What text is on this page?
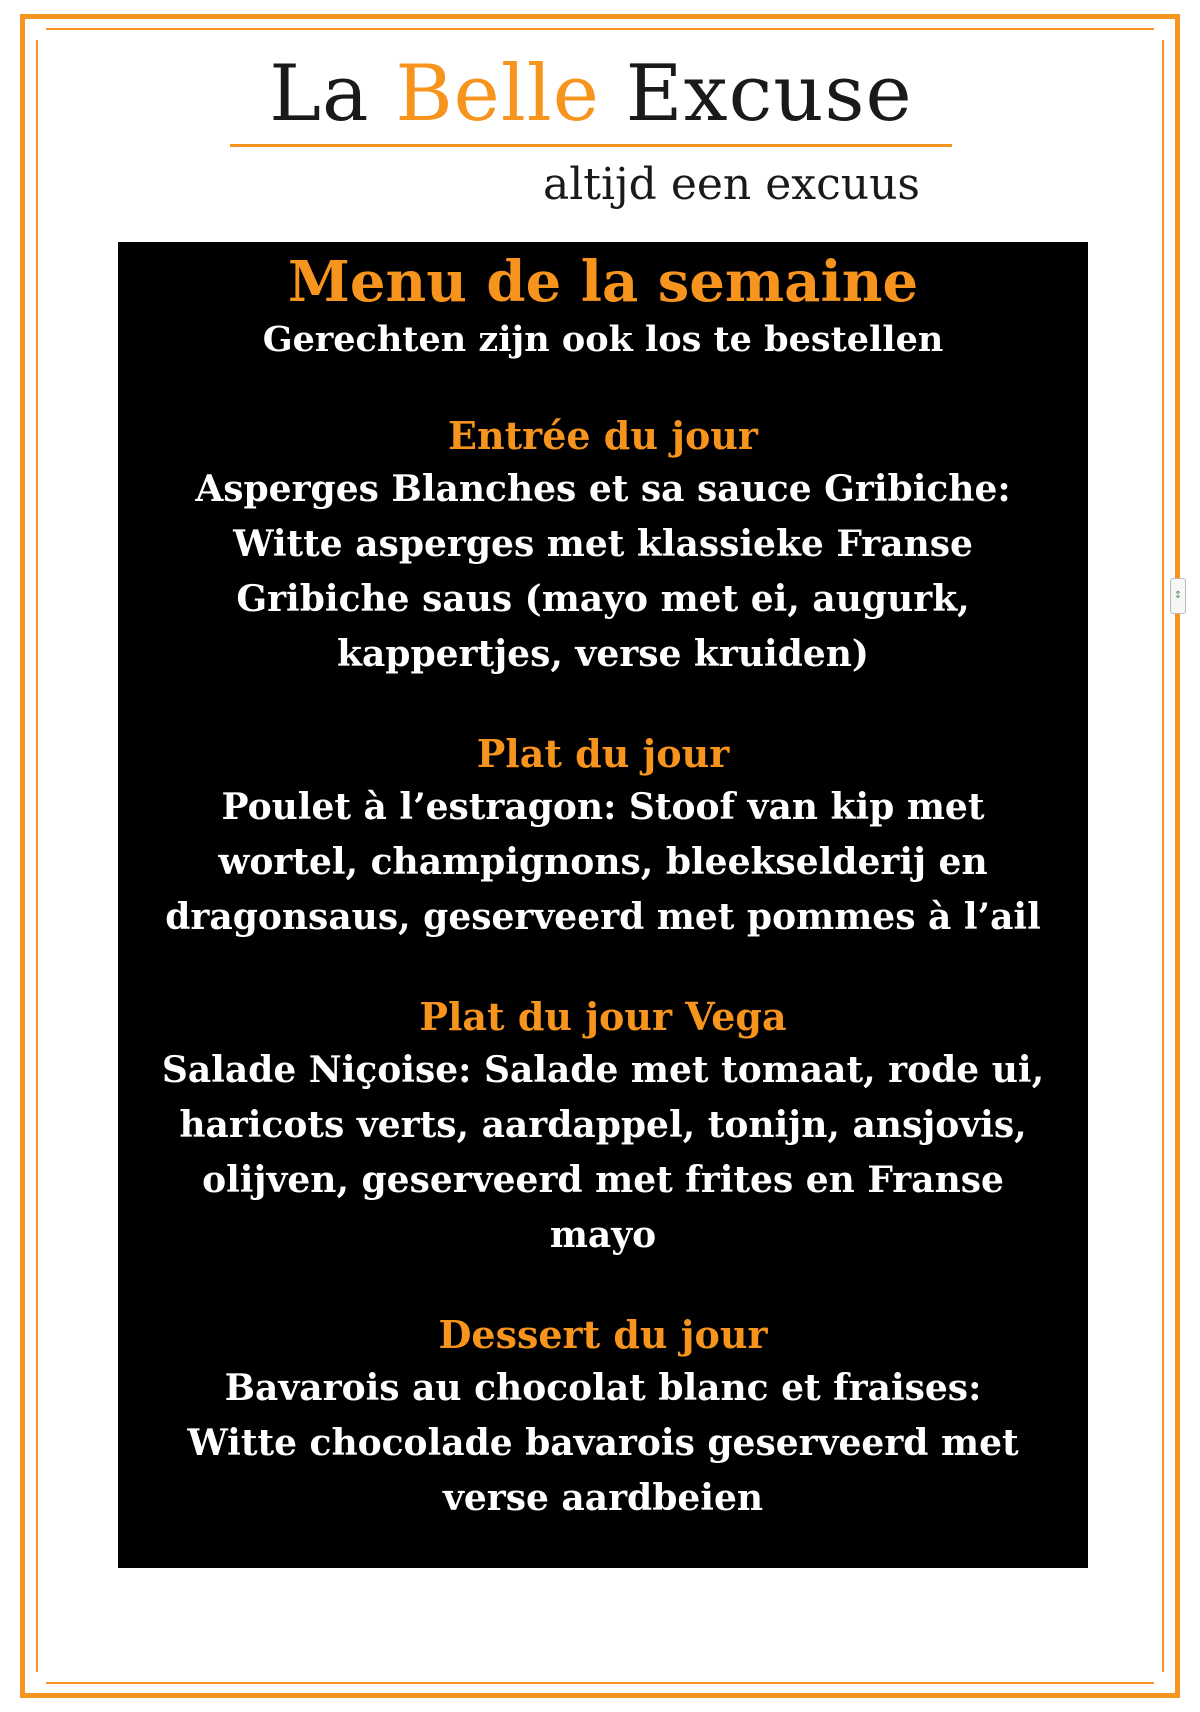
↕
La Belle Excuse
altijd een excuus

Menu de la semaine

Gerechten zijn ook los te bestellen

Entrée du jour

Asperges Blanches et sa sauce Gribiche:
Witte asperges met klassieke Franse
Gribiche saus (mayo met ei, augurk,
kappertjes, verse kruiden)

Plat du jour

Poulet à l’estragon: Stoof van kip met
wortel, champignons, bleekselderij en
dragonsaus, geserveerd met pommes à l’ail

Plat du jour Vega

Salade Niçoise: Salade met tomaat, rode ui,
haricots verts, aardappel, tonijn, ansjovis,
olijven, geserveerd met frites en Franse
mayo

Dessert du jour

Bavarois au chocolat blanc et fraises:
Witte chocolade bavarois geserveerd met
verse aardbeien
